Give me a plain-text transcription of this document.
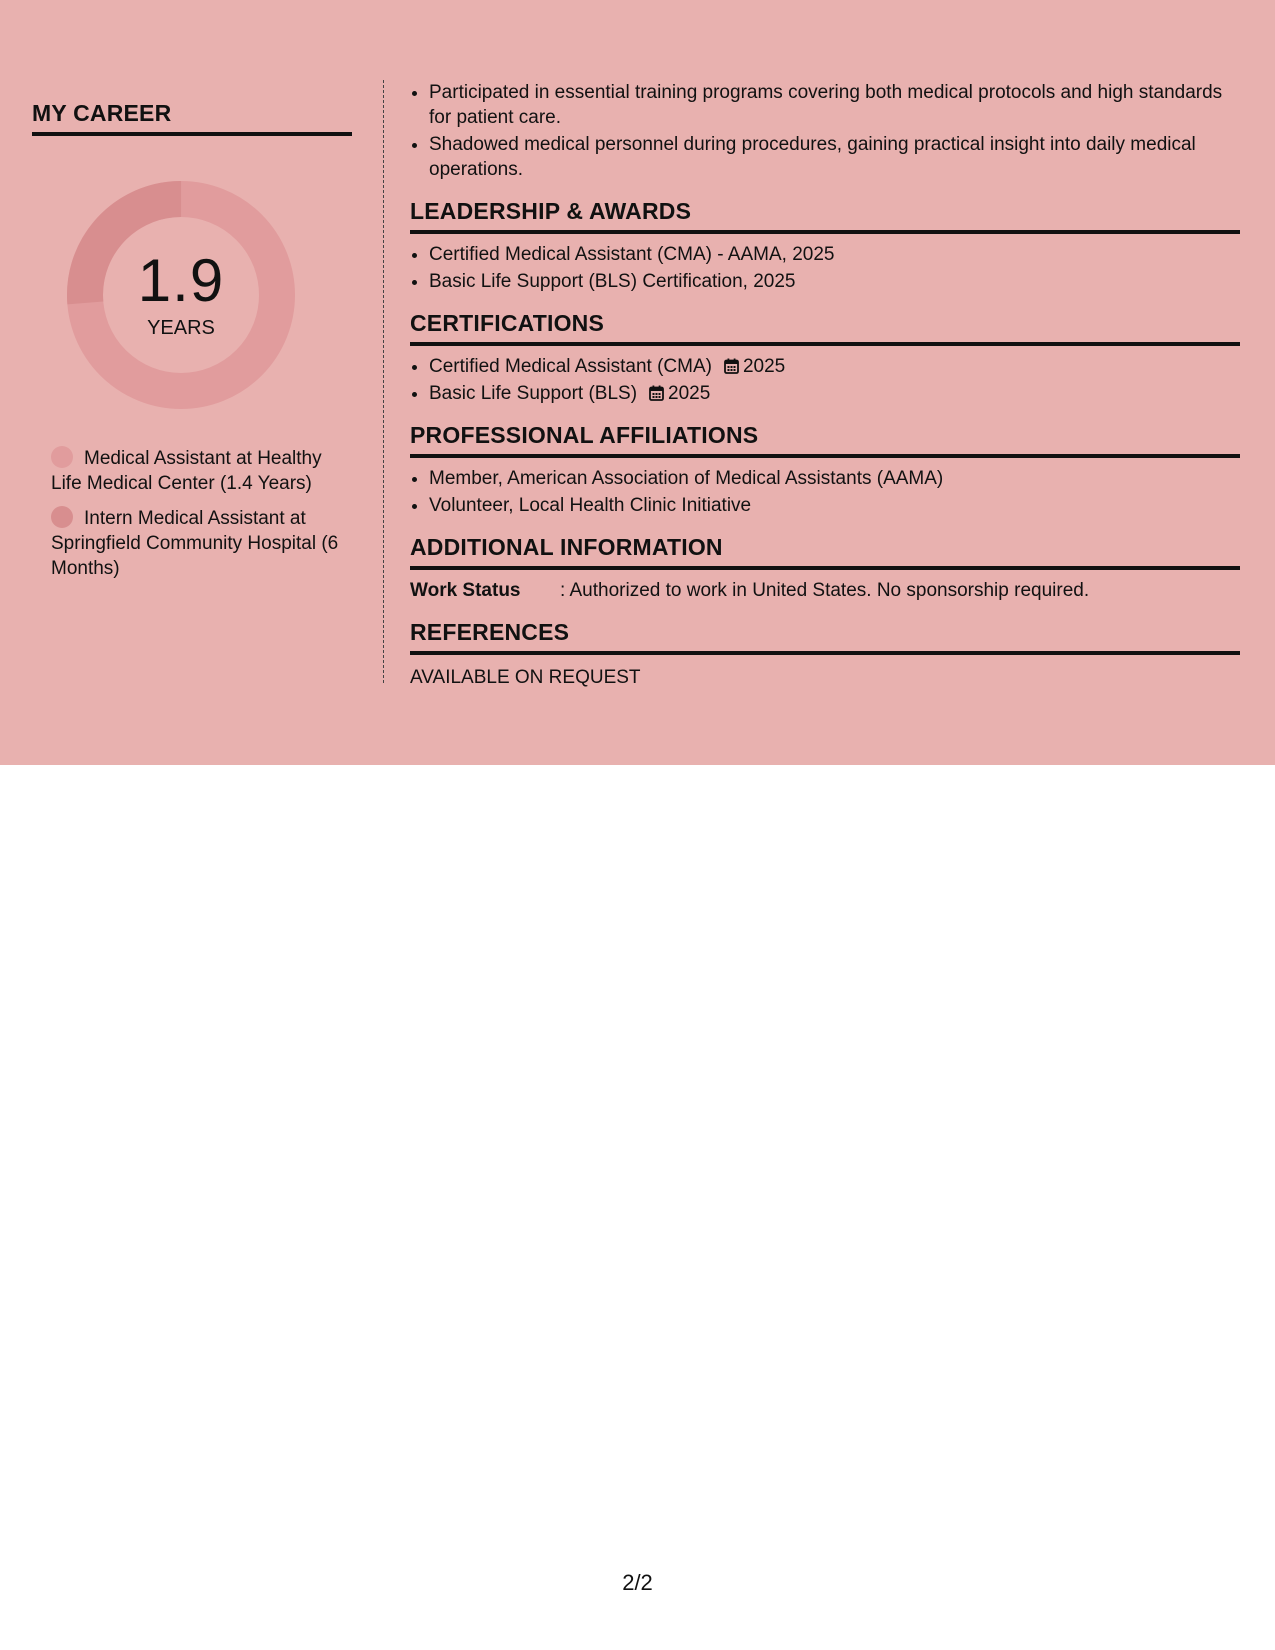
MY CAREER
1.9
YEARS
Medical Assistant at Healthy Life Medical Center (1.4 Years)
Intern Medical Assistant at Springfield Community Hospital (6 Months)
• Participated in essential training programs covering both medical protocols and high standards for patient care.
• Shadowed medical personnel during procedures, gaining practical insight into daily medical operations.
LEADERSHIP & AWARDS
• Certified Medical Assistant (CMA) - AAMA, 2025
• Basic Life Support (BLS) Certification, 2025
CERTIFICATIONS
• Certified Medical Assistant (CMA) 2025
• Basic Life Support (BLS) 2025
PROFESSIONAL AFFILIATIONS
• Member, American Association of Medical Assistants (AAMA)
• Volunteer, Local Health Clinic Initiative
ADDITIONAL INFORMATION
Work Status : Authorized to work in United States. No sponsorship required.
REFERENCES
AVAILABLE ON REQUEST
2/2
